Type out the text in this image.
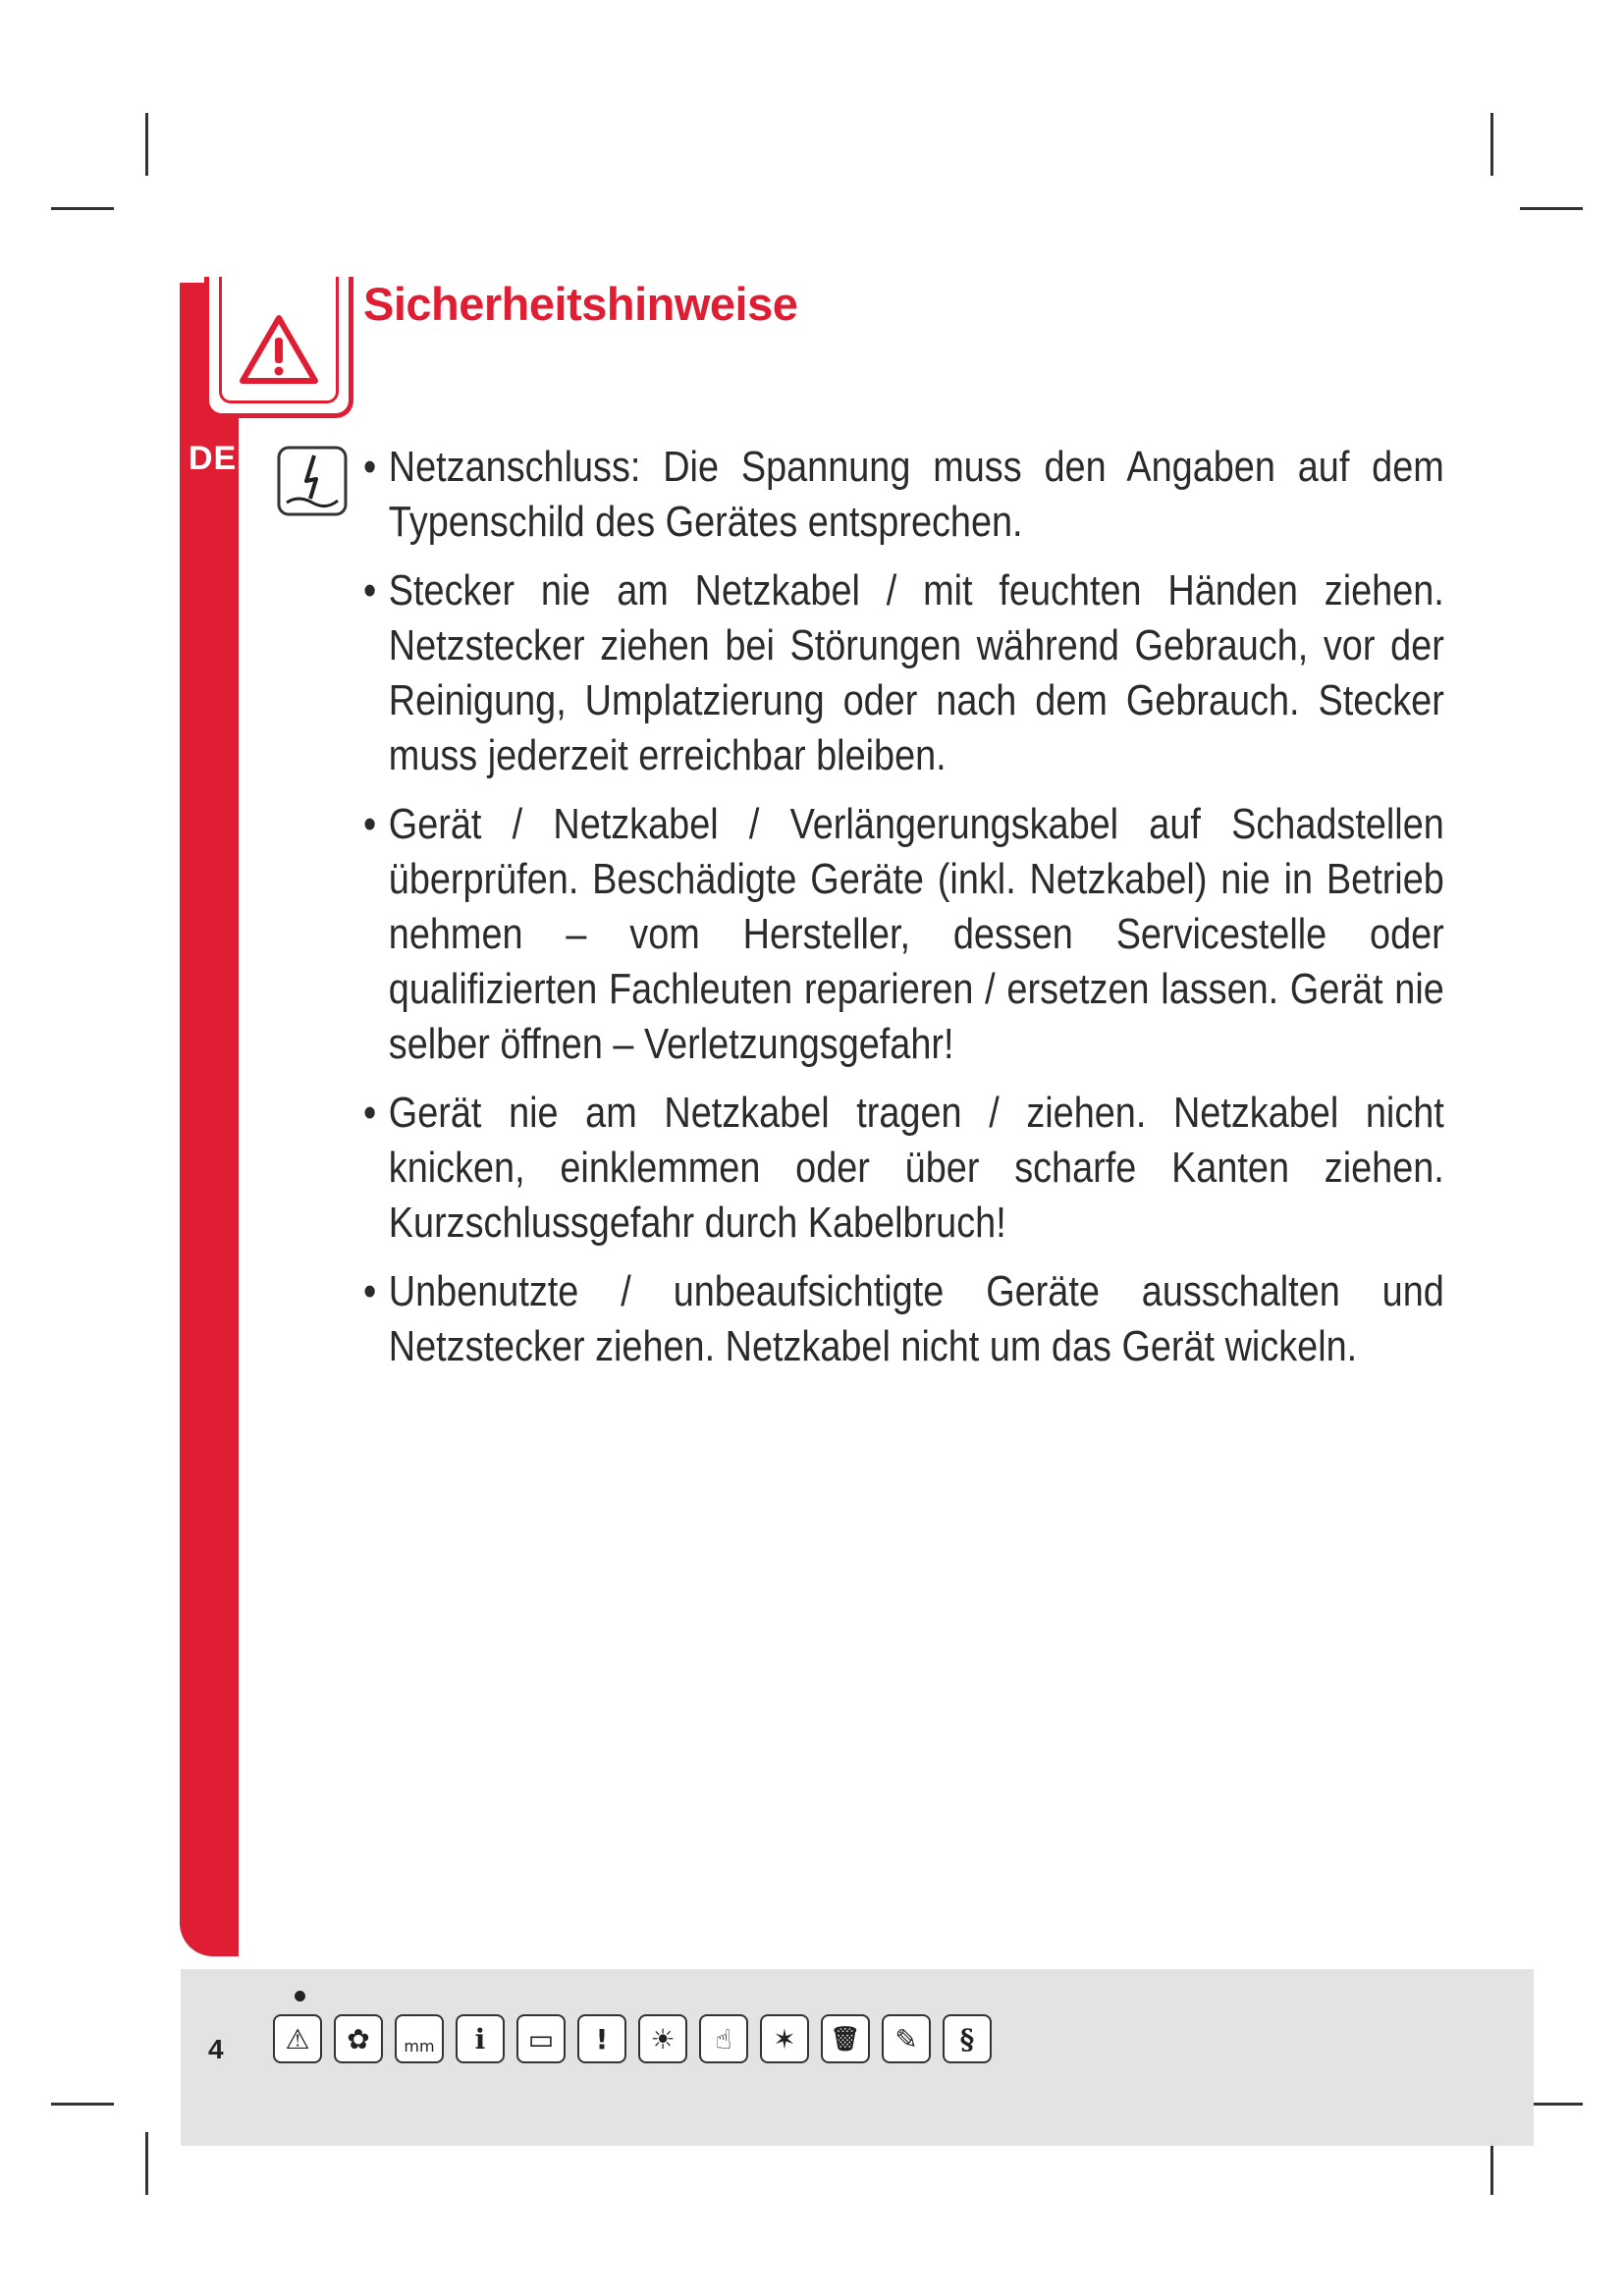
DE
Sicherheitshinweise
• Netzanschluss: Die Spannung muss den Angaben auf dem Typenschild des Gerätes entsprechen.
• Stecker nie am Netzkabel / mit feuchten Händen ziehen. Netzstecker ziehen bei Störungen während Gebrauch, vor der Reinigung, Umplatzierung oder nach dem Gebrauch. Stecker muss jederzeit erreichbar bleiben.
• Gerät / Netzkabel / Verlängerungskabel auf Schadstellen überprüfen. Beschädigte Geräte (inkl. Netzkabel) nie in Betrieb nehmen – vom Hersteller, dessen Servicestelle oder qualifizierten Fachleuten reparieren / ersetzen lassen. Gerät nie selber öffnen – Verletzungsgefahr!
• Gerät nie am Netzkabel tragen / ziehen. Netzkabel nicht knicken, einklemmen oder über scharfe Kanten ziehen. Kurzschlussgefahr durch Kabelbruch!
• Unbenutzte / unbeaufsichtigte Geräte ausschalten und Netzstecker ziehen. Netzkabel nicht um das Gerät wickeln.
4	⚠	✿	mm	i	▭	!	☀	☝	✶	🗑	✎	§
